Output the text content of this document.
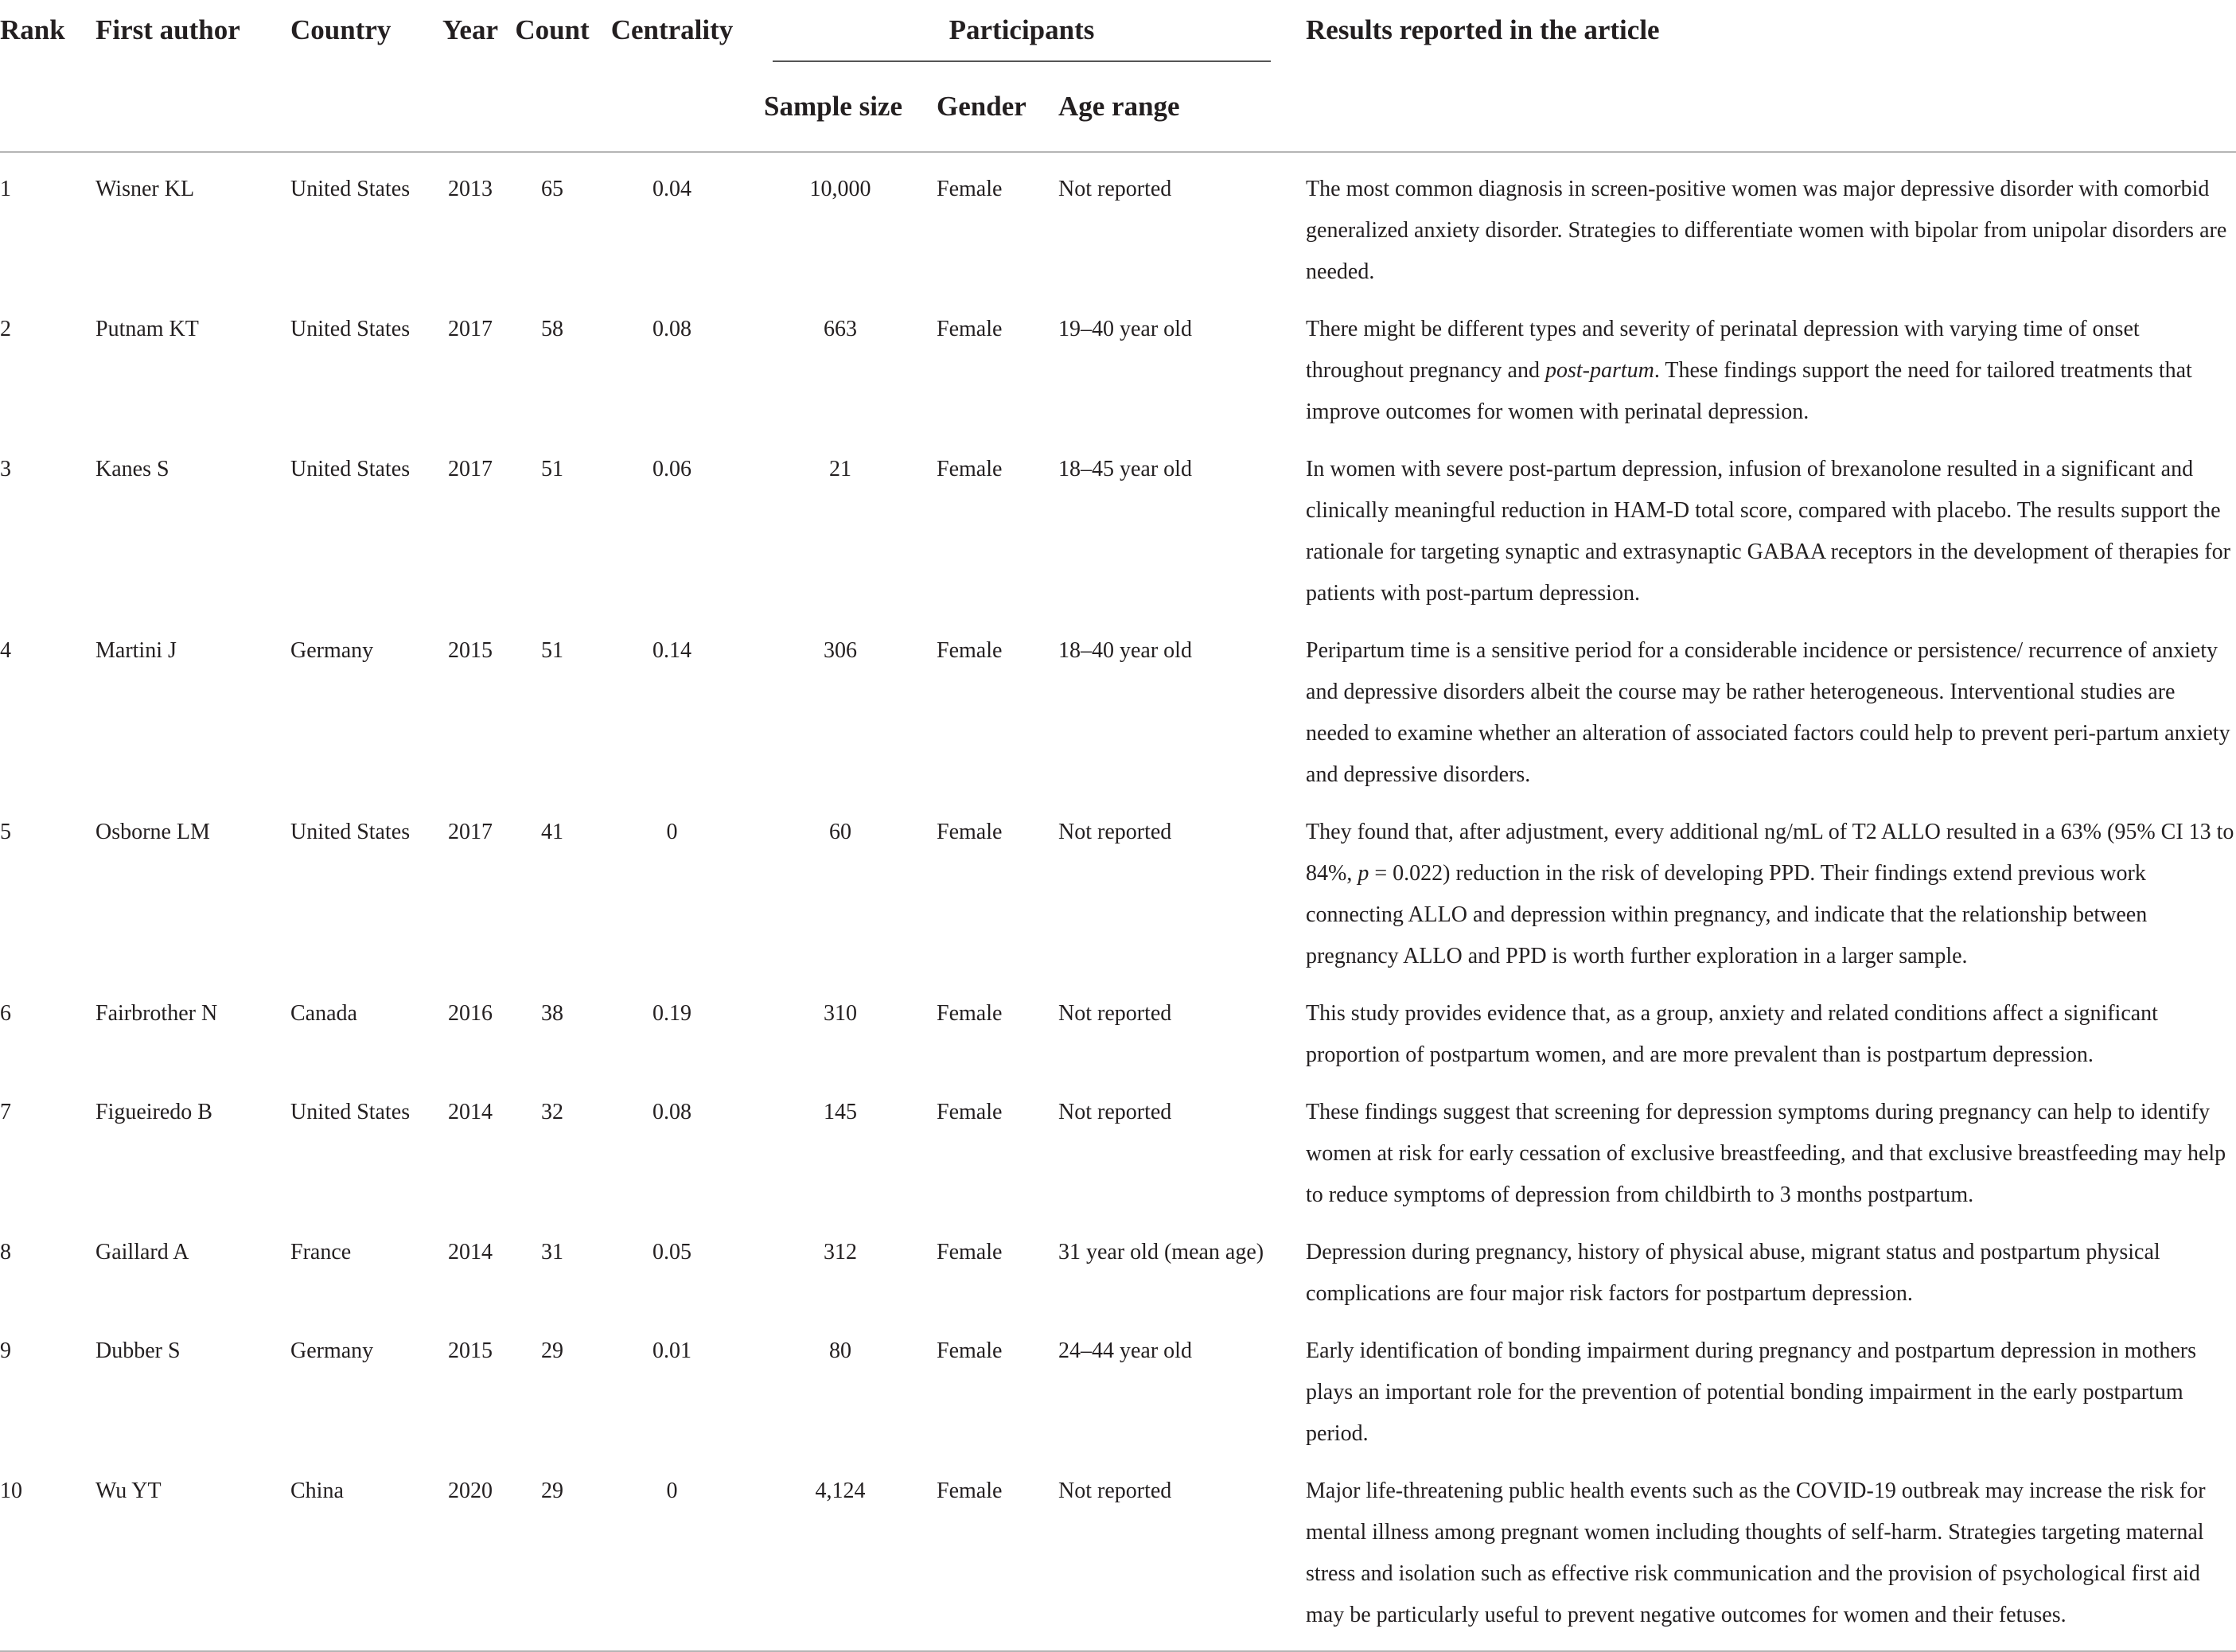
Rank	First author	Country	Year	Count	Centrality	Participants			Results reported in the article
						Sample size	Gender	Age range	
1	Wisner KL	United States	2013	65	0.04	10,000	Female	Not reported	The most common diagnosis in screen-positive women was major depressive disorder with comorbid generalized anxiety disorder. Strategies to differentiate women with bipolar from unipolar disorders are needed.
2	Putnam KT	United States	2017	58	0.08	663	Female	19–40 year old	There might be different types and severity of perinatal depression with varying time of onset throughout pregnancy and post-partum. These findings support the need for tailored treatments that improve outcomes for women with perinatal depression.
3	Kanes S	United States	2017	51	0.06	21	Female	18–45 year old	In women with severe post-partum depression, infusion of brexanolone resulted in a significant and clinically meaningful reduction in HAM-D total score, compared with placebo. The results support the rationale for targeting synaptic and extrasynaptic GABAA receptors in the development of therapies for patients with post-partum depression.
4	Martini J	Germany	2015	51	0.14	306	Female	18–40 year old	Peripartum time is a sensitive period for a considerable incidence or persistence/ recurrence of anxiety and depressive disorders albeit the course may be rather heterogeneous. Interventional studies are needed to examine whether an alteration of associated factors could help to prevent peri-partum anxiety and depressive disorders.
5	Osborne LM	United States	2017	41	0	60	Female	Not reported	They found that, after adjustment, every additional ng/mL of T2 ALLO resulted in a 63% (95% CI 13 to 84%, p = 0.022) reduction in the risk of developing PPD. Their findings extend previous work connecting ALLO and depression within pregnancy, and indicate that the relationship between pregnancy ALLO and PPD is worth further exploration in a larger sample.
6	Fairbrother N	Canada	2016	38	0.19	310	Female	Not reported	This study provides evidence that, as a group, anxiety and related conditions affect a significant proportion of postpartum women, and are more prevalent than is postpartum depression.
7	Figueiredo B	United States	2014	32	0.08	145	Female	Not reported	These findings suggest that screening for depression symptoms during pregnancy can help to identify women at risk for early cessation of exclusive breastfeeding, and that exclusive breastfeeding may help to reduce symptoms of depression from childbirth to 3 months postpartum.
8	Gaillard A	France	2014	31	0.05	312	Female	31 year old (mean age)	Depression during pregnancy, history of physical abuse, migrant status and postpartum physical complications are four major risk factors for postpartum depression.
9	Dubber S	Germany	2015	29	0.01	80	Female	24–44 year old	Early identification of bonding impairment during pregnancy and postpartum depression in mothers plays an important role for the prevention of potential bonding impairment in the early postpartum period.
10	Wu YT	China	2020	29	0	4,124	Female	Not reported	Major life-threatening public health events such as the COVID-19 outbreak may increase the risk for mental illness among pregnant women including thoughts of self-harm. Strategies targeting maternal stress and isolation such as effective risk communication and the provision of psychological first aid may be particularly useful to prevent negative outcomes for women and their fetuses.
